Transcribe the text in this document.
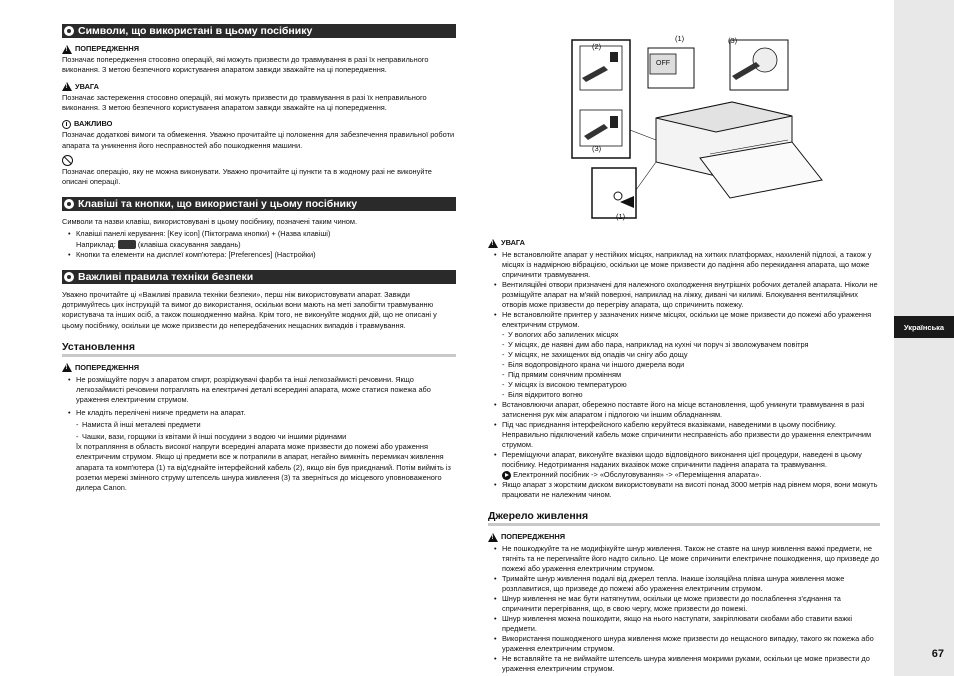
Українська
67
Символи, що використані в цьому посібнику
!
ПОПЕРЕДЖЕННЯ

Позначає попередження стосовно операцій, які можуть призвести до травмування в разі їх неправильного виконання. З метою безпечного користування апаратом завжди зважайте на ці попередження.

!
УВАГА

Позначає застереження стосовно операцій, які можуть призвести до травмування в разі їх неправильного виконання. З метою безпечного користування апаратом завжди зважайте на ці попередження.

ВАЖЛИВО

Позначає додаткові вимоги та обмеження. Уважно прочитайте ці положення для забезпечення правильної роботи апарата та уникнення його несправностей або пошкодження машини.

Позначає операцію, яку не можна виконувати. Уважно прочитайте ці пункти та в жодному разі не виконуйте описані операції.

Клавіші та кнопки, що використані у цьому посібнику

Символи та назви клавіш, використовувані в цьому посібнику, позначені таким чином.

• Клавіші панелі керування: [Key icon] (Піктограма кнопки) + (Назва клавіші)
Наприклад:	(клавіша скасування завдань)
• Кнопки та елементи на дисплеї комп'ютера: [Preferences] (Настройки)
Важливі правила техніки безпеки

Уважно прочитайте ці «Важливі правила техніки безпеки», перш ніж використовувати апарат. Завжди дотримуйтесь цих інструкцій та вимог до використання, оскільки вони мають на меті запобігти травмуванню користувача та інших осіб, а також пошкодженню майна. Крім того, не виконуйте жодних дій, що не описані у цьому посібнику, оскільки це може призвести до непередбачених нещасних випадків і травмування.

Установлення
!
ПОПЕРЕДЖЕННЯ
• Не розміщуйте поруч з апаратом спирт, розріджувачі фарби та інші легкозаймисті речовини. Якщо легкозаймисті речовини потраплять на електричні деталі всередині апарата, може статися пожежа або ураження електричним струмом.
• Не кладіть перелічені нижче предмети на апарат.
- Намиста й інші металеві предмети
- Чашки, вази, горщики із квітами й інші посудини з водою чи іншими рідинами

Їх потрапляння в область високої напруги всередині апарата може призвести до пожежі або ураження електричним струмом. Якщо ці предмети все ж потрапили в апарат, негайно вимкніть перемикач живлення апарата та комп'ютера (1) та від'єднайте інтерфейсний кабель (2), якщо він був приєднаний. Потім вийміть із розетки мережі змінного струму штепсель шнура живлення (3) та зверніться до місцевого уповноваженого дилера Canon.

(1)
(2)
(3)
(3)
(1)
OFF
!
УВАГА
• Не встановлюйте апарат у нестійких місцях, наприклад на хитких платформах, нахиленій підлозі, а також у місцях із надмірною вібрацією, оскільки це може призвести до падіння або перекидання апарата, що може спричинити травмування.
• Вентиляційні отвори призначені для належного охолодження внутрішніх робочих деталей апарата. Ніколи не розміщуйте апарат на м'якій поверхні, наприклад на ліжку, дивані чи килимі. Блокування вентиляційних отворів може призвести до перегріву апарата, що спричинить пожежу.
• Не встановлюйте принтер у зазначених нижче місцях, оскільки це може призвести до пожежі або ураження електричним струмом.
- У вологих або запилених місцях
- У місцях, де наявні дим або пара, наприклад на кухні чи поруч зі зволожувачем повітря
- У місцях, не захищених від опадів чи снігу або дощу
- Біля водопровідного крана чи іншого джерела води
- Під прямим сонячним промінням
- У місцях із високою температурою
- Біля відкритого вогню
• Встановлюючи апарат, обережно поставте його на місце встановлення, щоб уникнути травмування в разі затиснення рук між апаратом і підлогою чи іншим обладнанням.
• Під час приєднання інтерфейсного кабелю керуйтеся вказівками, наведеними в цьому посібнику. Неправильно підключений кабель може спричинити несправність або призвести до ураження електричним струмом.
• Переміщуючи апарат, виконуйте вказівки щодо відповідного виконання цієї процедури, наведені в цьому посібнику. Недотримання наданих вказівок може спричинити падіння апарата та травмування.
Електронний посібник -> «Обслуговування» -> «Переміщення апарата».
• Якщо апарат з жорстким диском використовувати на висоті понад 3000 метрів над рівнем моря, вони можуть працювати не належним чином.
Джерело живлення
!
ПОПЕРЕДЖЕННЯ
• Не пошкоджуйте та не модифікуйте шнур живлення. Також не ставте на шнур живлення важкі предмети, не тягніть та не перегинайте його надто сильно. Це може спричинити електричне пошкодження, що призведе до пожежі або ураження електричним струмом.
• Тримайте шнур живлення подалі від джерел тепла. Інакше ізоляційна плівка шнура живлення може розплавитися, що призведе до пожежі або ураження електричним струмом.
• Шнур живлення не має бути натягнутим, оскільки це може призвести до послаблення з'єднання та спричинити перегрівання, що, в свою чергу, може призвести до пожежі.
• Шнур живлення можна пошкодити, якщо на нього наступати, закріплювати скобами або ставити важкі предмети.
• Використання пошкодженого шнура живлення може призвести до нещасного випадку, такого як пожежа або ураження електричним струмом.
• Не вставляйте та не виймайте штепсель шнура живлення мокрими руками, оскільки це може призвести до ураження електричним струмом.
